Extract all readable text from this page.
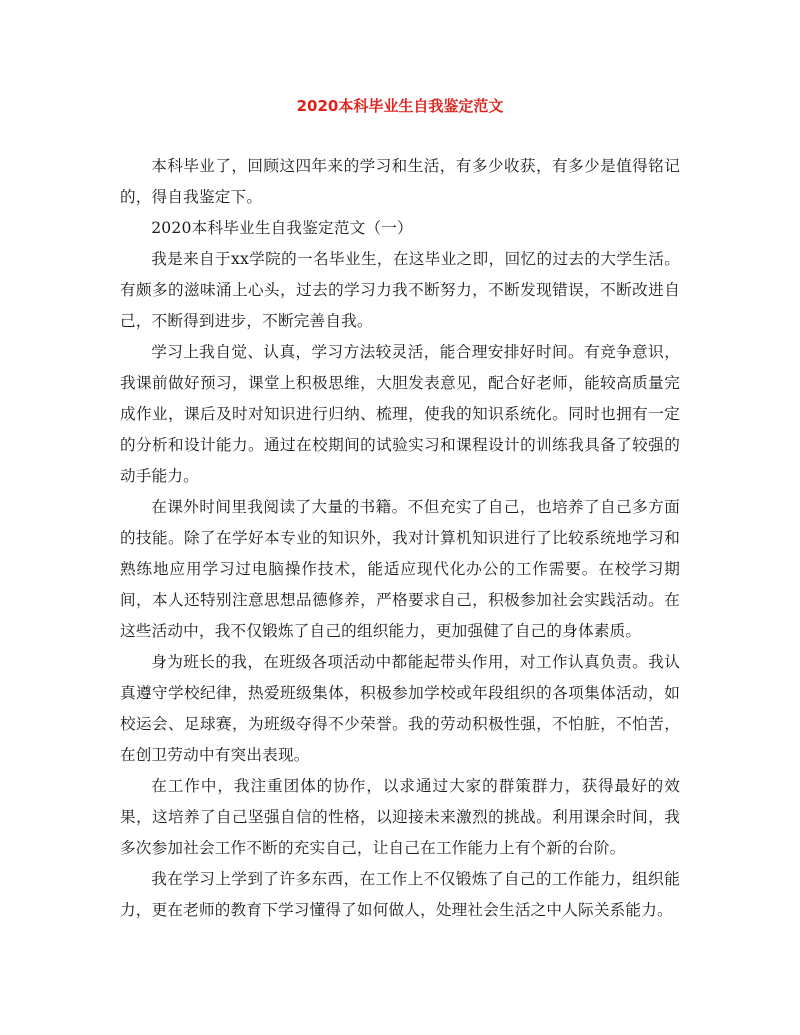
2020本科毕业生自我鉴定范文

本科毕业了，回顾这四年来的学习和生活，有多少收获，有多少是值得铭记的，得自我鉴定下。

2020本科毕业生自我鉴定范文（一）

我是来自于xx学院的一名毕业生，在这毕业之即，回忆的过去的大学生活。有颇多的滋味涌上心头，过去的学习力我不断努力，不断发现错误，不断改进自己，不断得到进步，不断完善自我。

学习上我自觉、认真，学习方法较灵活，能合理安排好时间。有竞争意识，我课前做好预习，课堂上积极思维，大胆发表意见，配合好老师，能较高质量完成作业，课后及时对知识进行归纳、梳理，使我的知识系统化。同时也拥有一定的分析和设计能力。通过在校期间的试验实习和课程设计的训练我具备了较强的动手能力。

在课外时间里我阅读了大量的书籍。不但充实了自己，也培养了自己多方面的技能。除了在学好本专业的知识外，我对计算机知识进行了比较系统地学习和熟练地应用学习过电脑操作技术，能适应现代化办公的工作需要。在校学习期间，本人还特别注意思想品德修养，严格要求自己，积极参加社会实践活动。在这些活动中，我不仅锻炼了自己的组织能力，更加强健了自己的身体素质。

身为班长的我，在班级各项活动中都能起带头作用，对工作认真负责。我认真遵守学校纪律，热爱班级集体，积极参加学校或年段组织的各项集体活动，如校运会、足球赛，为班级夺得不少荣誉。我的劳动积极性强，不怕脏，不怕苦，在创卫劳动中有突出表现。

在工作中，我注重团体的协作，以求通过大家的群策群力，获得最好的效果，这培养了自己坚强自信的性格，以迎接未来激烈的挑战。利用课余时间，我多次参加社会工作不断的充实自己，让自己在工作能力上有个新的台阶。

我在学习上学到了许多东西，在工作上不仅锻炼了自己的工作能力，组织能力，更在老师的教育下学习懂得了如何做人，处理社会生活之中人际关系能力。
